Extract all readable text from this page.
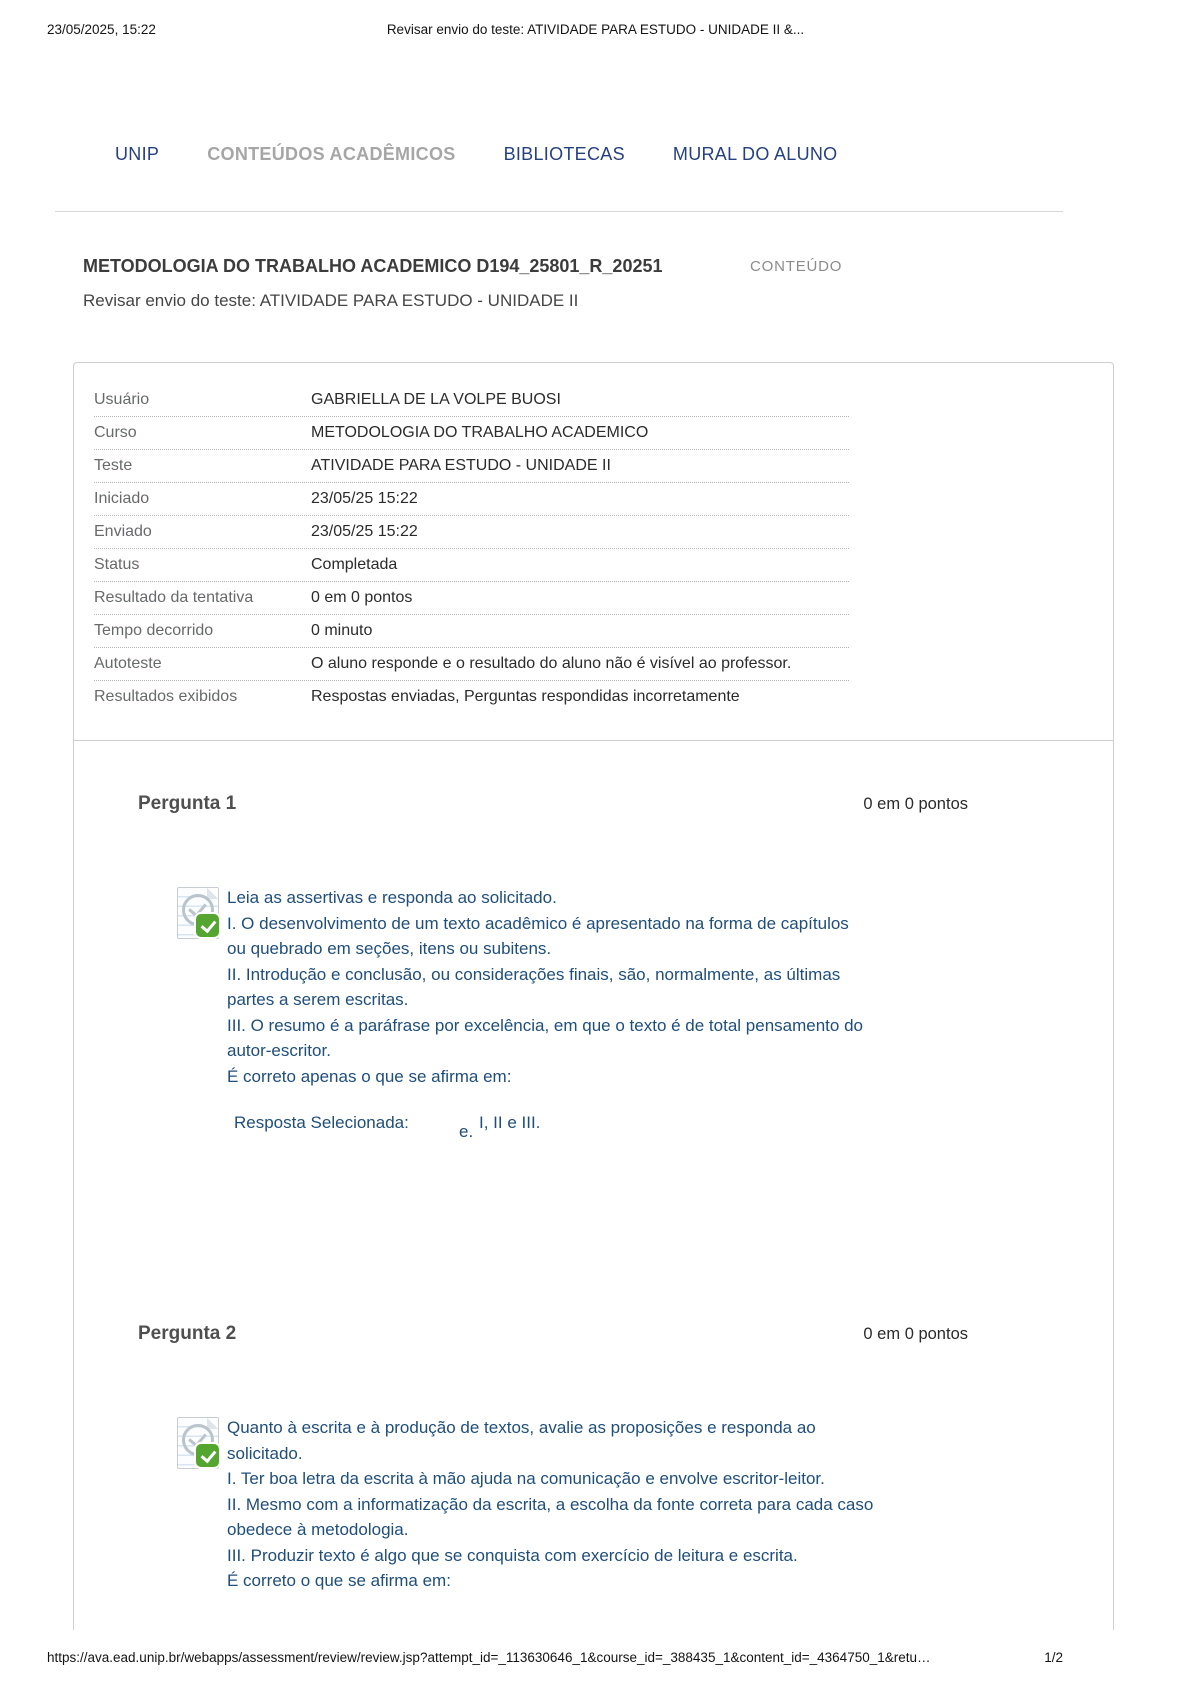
23/05/2025, 15:22	Revisar envio do teste: ATIVIDADE PARA ESTUDO - UNIDADE II &...
UNIP	CONTEÚDOS ACADÊMICOS	BIBLIOTECAS	MURAL DO ALUNO
METODOLOGIA DO TRABALHO ACADEMICO D194_25801_R_20251	CONTEÚDO
Revisar envio do teste: ATIVIDADE PARA ESTUDO - UNIDADE II
Usuário	GABRIELLA DE LA VOLPE BUOSI
Curso	METODOLOGIA DO TRABALHO ACADEMICO
Teste	ATIVIDADE PARA ESTUDO - UNIDADE II
Iniciado	23/05/25 15:22
Enviado	23/05/25 15:22
Status	Completada
Resultado da tentativa	0 em 0 pontos
Tempo decorrido	0 minuto
Autoteste	O aluno responde e o resultado do aluno não é visível ao professor.
Resultados exibidos	Respostas enviadas, Perguntas respondidas incorretamente
Pergunta 1	0 em 0 pontos
Leia as assertivas e responda ao solicitado.
I. O desenvolvimento de um texto acadêmico é apresentado na forma de capítulos
ou quebrado em seções, itens ou subitens.
II. Introdução e conclusão, ou considerações finais, são, normalmente, as últimas
partes a serem escritas.
III. O resumo é a paráfrase por excelência, em que o texto é de total pensamento do
autor-escritor.
É correto apenas o que se afirma em:
Resposta Selecionada:	e. I, II e III.
Pergunta 2	0 em 0 pontos
Quanto à escrita e à produção de textos, avalie as proposições e responda ao
solicitado.
I. Ter boa letra da escrita à mão ajuda na comunicação e envolve escritor-leitor.
II. Mesmo com a informatização da escrita, a escolha da fonte correta para cada caso
obedece à metodologia.
III. Produzir texto é algo que se conquista com exercício de leitura e escrita.
É correto o que se afirma em:
https://ava.ead.unip.br/webapps/assessment/review/review.jsp?attempt_id=_113630646_1&course_id=_388435_1&content_id=_4364750_1&retu…	1/2
